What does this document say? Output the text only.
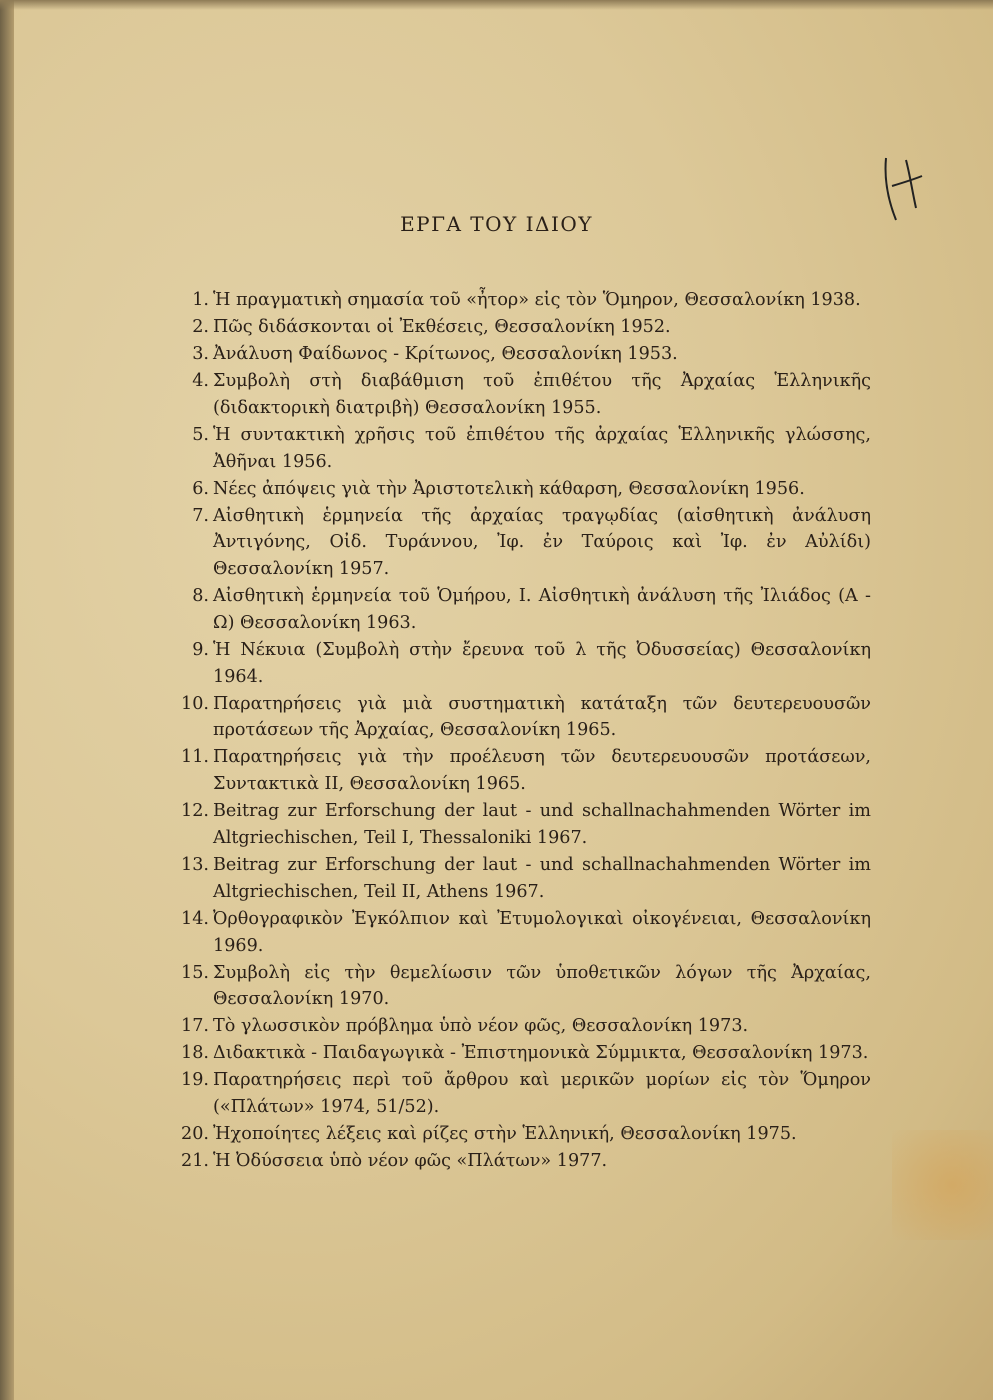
ΕΡΓΑ ΤΟΥ ΙΔΙΟΥ
1. Ἡ πραγματικὴ σημασία τοῦ «ἦτορ» εἰς τὸν Ὅμηρον, Θεσσαλονίκη 1938.
2. Πῶς διδάσκονται οἱ Ἐκθέσεις, Θεσσαλονίκη 1952.
3. Ἀνάλυση Φαίδωνος - Κρίτωνος, Θεσσαλονίκη 1953.
4. Συμβολὴ στὴ διαβάθμιση τοῦ ἐπιθέτου τῆς Ἀρχαίας Ἑλληνικῆς (διδακτορικὴ διατριβὴ) Θεσσαλονίκη 1955.
5. Ἡ συντακτικὴ χρῆσις τοῦ ἐπιθέτου τῆς ἀρχαίας Ἑλληνικῆς γλώσσης, Ἀθῆναι 1956.
6. Νέες ἀπόψεις γιὰ τὴν Ἀριστοτελικὴ κάθαρση, Θεσσαλονίκη 1956.
7. Αἰσθητικὴ ἑρμηνεία τῆς ἀρχαίας τραγῳδίας (αἰσθητικὴ ἀνάλυση Ἀντιγόνης, Οἰδ. Τυράννου, Ἰφ. ἐν Ταύροις καὶ Ἰφ. ἐν Αὐλίδι) Θεσσαλονίκη 1957.
8. Αἰσθητικὴ ἑρμηνεία τοῦ Ὁμήρου, Ι. Αἰσθητικὴ ἀνάλυση τῆς Ἰλιάδος (Α - Ω) Θεσσαλονίκη 1963.
9. Ἡ Νέκυια (Συμβολὴ στὴν ἔρευνα τοῦ λ τῆς Ὀδυσσείας) Θεσσαλονίκη 1964.
10. Παρατηρήσεις γιὰ μιὰ συστηματικὴ κατάταξη τῶν δευτερευουσῶν προτάσεων τῆς Ἀρχαίας, Θεσσαλονίκη 1965.
11. Παρατηρήσεις γιὰ τὴν προέλευση τῶν δευτερευουσῶν προτάσεων, Συντακτικὰ ΙΙ, Θεσσαλονίκη 1965.
12. Beitrag zur Erforschung der laut - und schallnachahmenden Wörter im Altgriechischen, Teil I, Thessaloniki 1967.
13. Beitrag zur Erforschung der laut - und schallnachahmenden Wörter im Altgriechischen, Teil II, Athens 1967.
14. Ὀρθογραφικὸν Ἐγκόλπιον καὶ Ἐτυμολογικαὶ οἰκογένειαι, Θεσσαλονίκη 1969.
15. Συμβολὴ εἰς τὴν θεμελίωσιν τῶν ὑποθετικῶν λόγων τῆς Ἀρχαίας, Θεσσαλονίκη 1970.
17. Τὸ γλωσσικὸν πρόβλημα ὑπὸ νέον φῶς, Θεσσαλονίκη 1973.
18. Διδακτικὰ - Παιδαγωγικὰ - Ἐπιστημονικὰ Σύμμικτα, Θεσσαλονίκη 1973.
19. Παρατηρήσεις περὶ τοῦ ἄρθρου καὶ μερικῶν μορίων εἰς τὸν Ὅμηρον («Πλάτων» 1974, 51/52).
20. Ἠχοποίητες λέξεις καὶ ρίζες στὴν Ἑλληνική, Θεσσαλονίκη 1975.
21. Ἡ Ὀδύσσεια ὑπὸ νέον φῶς «Πλάτων» 1977.
